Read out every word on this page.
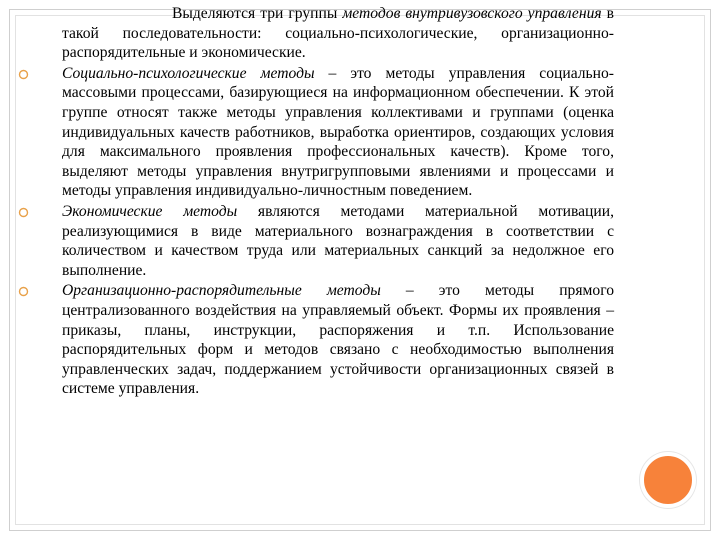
Выделяются три группы методов внутривузовского управления в такой последовательности: социально-психологические, организационно-распорядительные и экономические.

Социально-психологические методы – это методы управления социально-массовыми процессами, базирующиеся на информационном обеспечении. К этой группе относят также методы управления коллективами и группами (оценка индивидуальных качеств работников, выработка ориентиров, создающих условия для максимального проявления профессиональных качеств). Кроме того, выделяют методы управления внутригрупповыми явлениями и процессами и методы управления индивидуально-личностным поведением.

Экономические методы являются методами материальной мотивации, реализующимися в виде материального вознаграждения в соответствии с количеством и качеством труда или материальных санкций за недолжное его выполнение.

Организационно-распорядительные методы – это методы прямого централизованного воздействия на управляемый объект. Формы их проявления – приказы, планы, инструкции, распоряжения и т.п. Использование распорядительных форм и методов связано с необходимостью выполнения управленческих задач, поддержанием устойчивости организационных связей в системе управления.
